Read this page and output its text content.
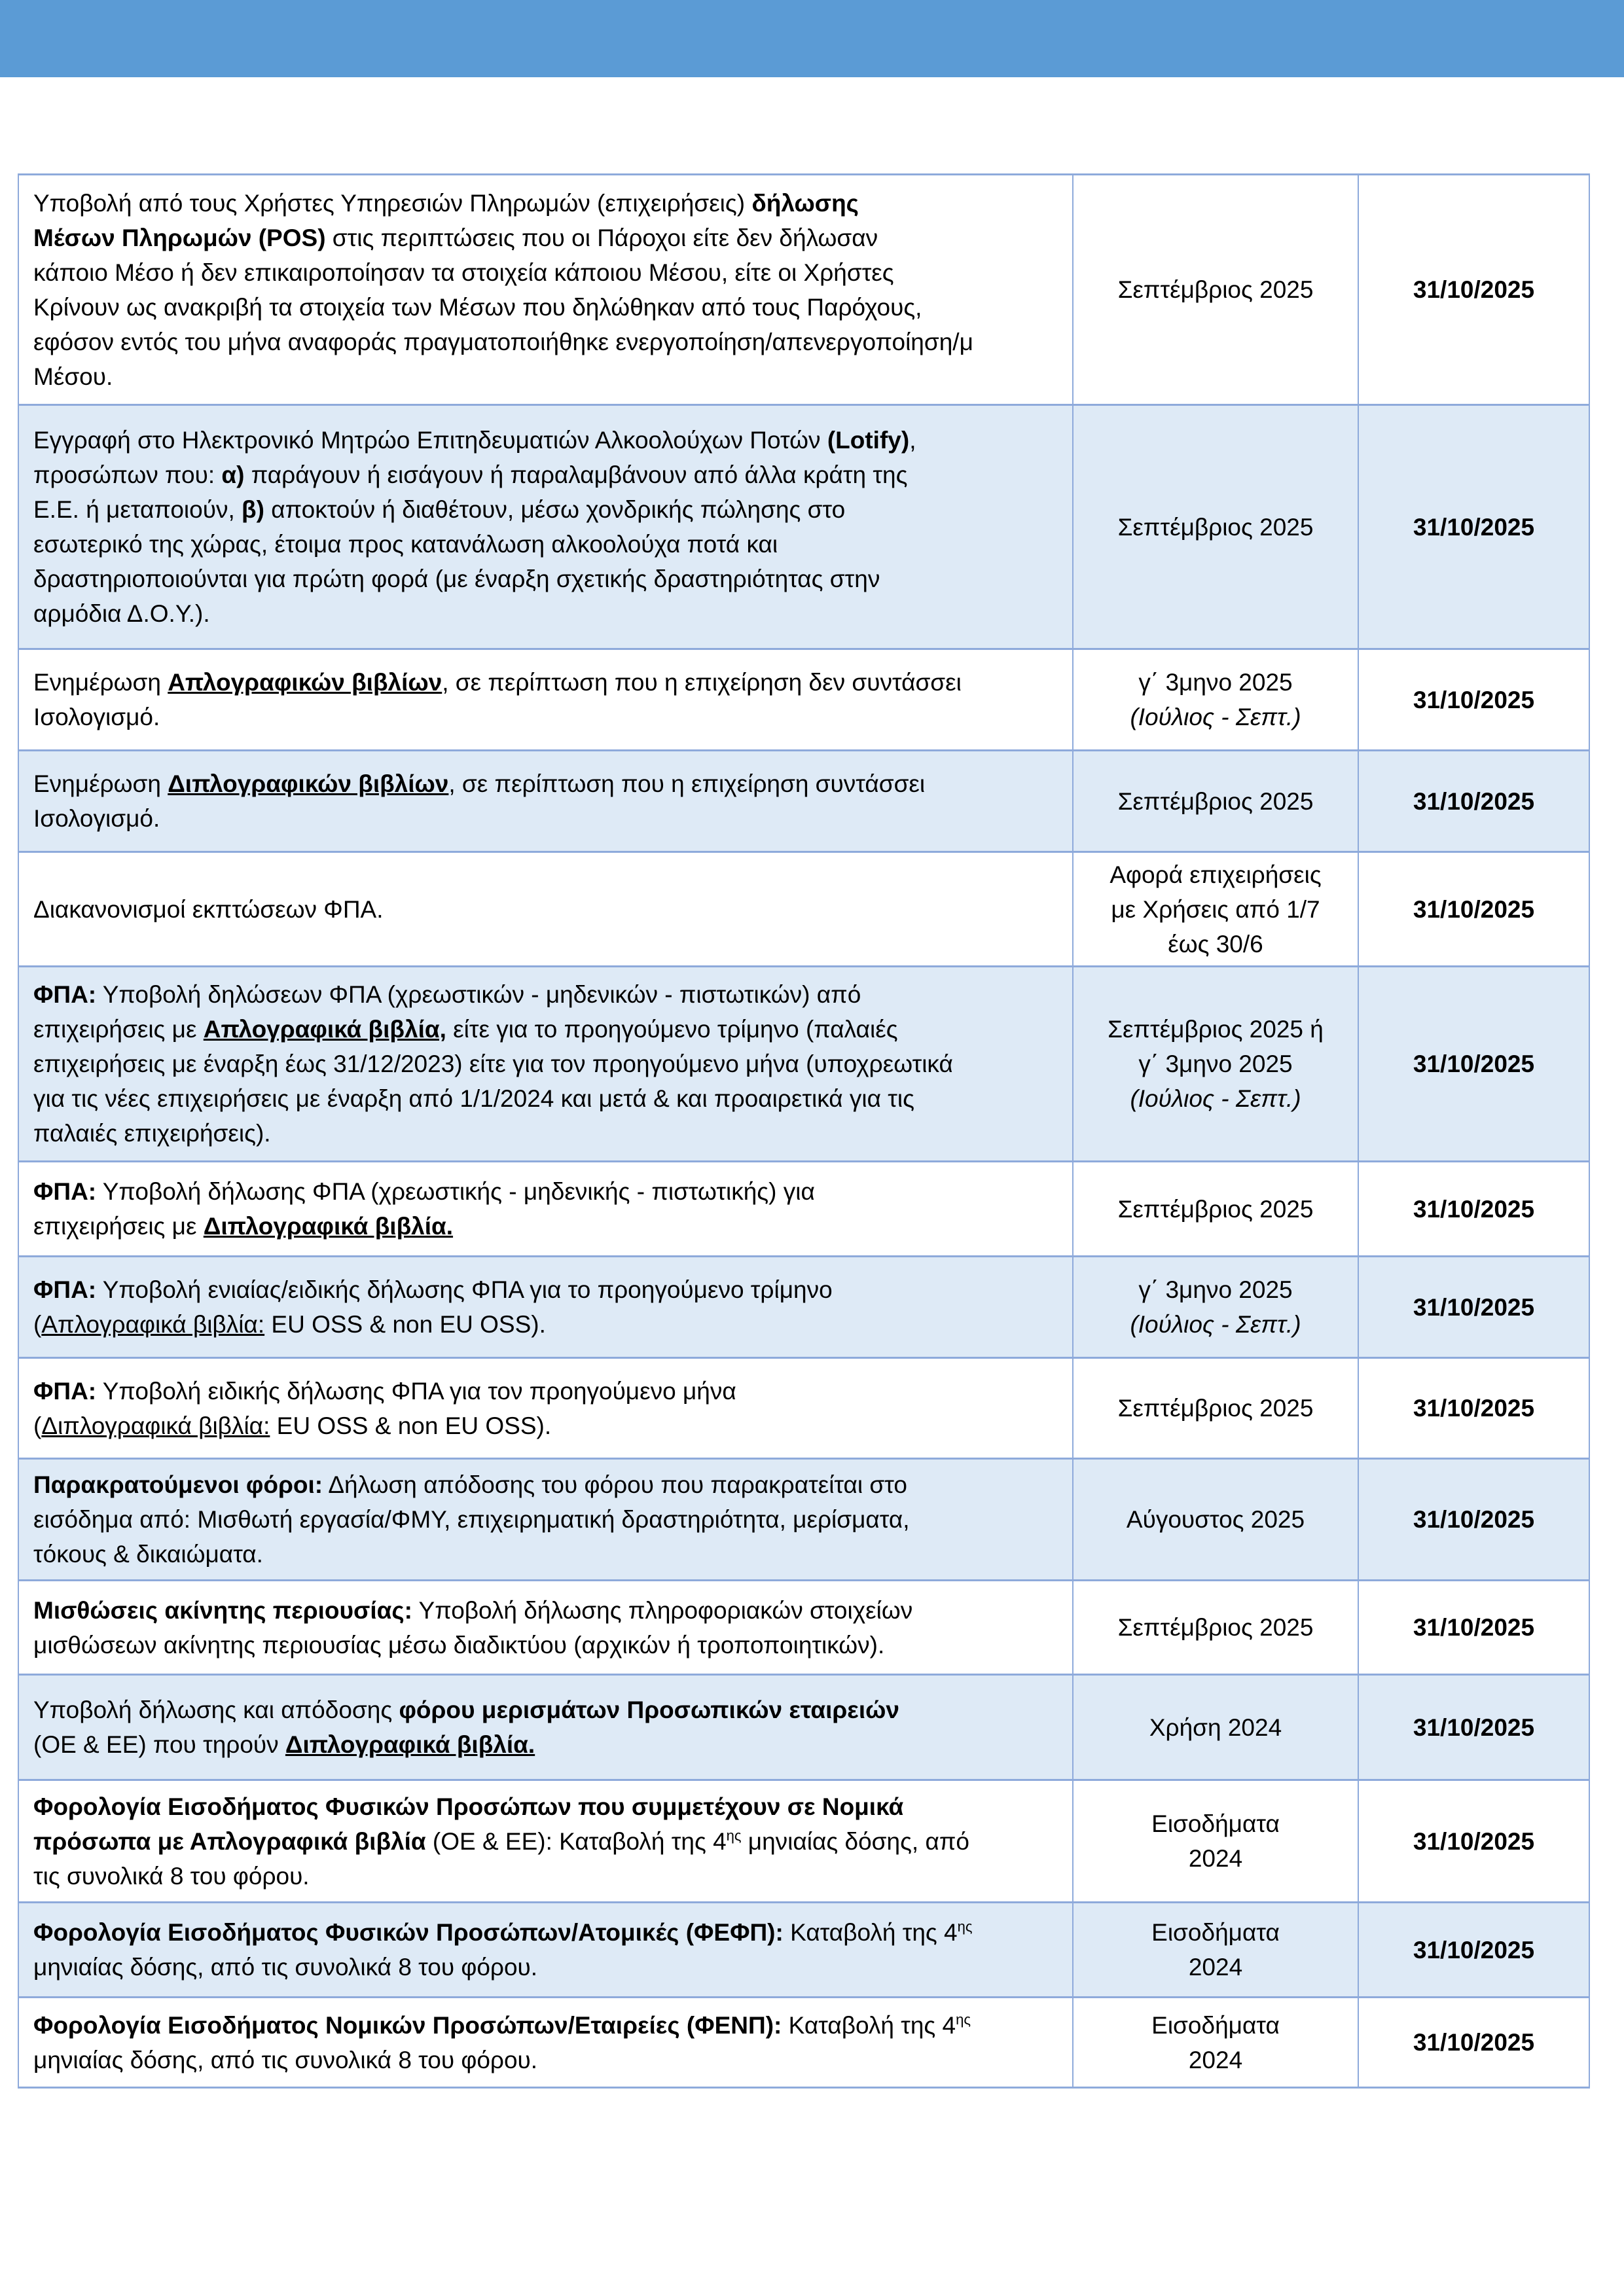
Υποβολή από τους Χρήστες Υπηρεσιών Πληρωμών (επιχειρήσεις) δήλωσης
Μέσων Πληρωμών (POS) στις περιπτώσεις που οι Πάροχοι είτε δεν δήλωσαν
κάποιο Μέσο ή δεν επικαιροποίησαν τα στοιχεία κάποιου Μέσου, είτε οι Χρήστες
Κρίνουν ως ανακριβή τα στοιχεία των Μέσων που δηλώθηκαν από τους Παρόχους,
εφόσον εντός του μήνα αναφοράς πραγματοποιήθηκε ενεργοποίηση/απενεργοποίηση/μ
Μέσου.

Σεπτέμβριος 2025	31/10/2025

Εγγραφή στο Ηλεκτρονικό Μητρώο Επιτηδευματιών Αλκοολούχων Ποτών (Lotify),
προσώπων που: α) παράγουν ή εισάγουν ή παραλαμβάνουν από άλλα κράτη της
Ε.Ε. ή μεταποιούν, β) αποκτούν ή διαθέτουν, μέσω χονδρικής πώλησης στο
εσωτερικό της χώρας, έτοιμα προς κατανάλωση αλκοολούχα ποτά και
δραστηριοποιούνται για πρώτη φορά (με έναρξη σχετικής δραστηριότητας στην
αρμόδια Δ.Ο.Υ.).

Σεπτέμβριος 2025	31/10/2025

Ενημέρωση Απλογραφικών βιβλίων, σε περίπτωση που η επιχείρηση δεν συντάσσει
Ισολογισμό.	γ΄ 3μηνο 2025
(Ιούλιος - Σεπτ.)	31/10/2025

Ενημέρωση Διπλογραφικών βιβλίων, σε περίπτωση που η επιχείρηση συντάσσει
Ισολογισμό.	Σεπτέμβριος 2025	31/10/2025

Διακανονισμοί εκπτώσεων ΦΠΑ.	Αφορά επιχειρήσεις
με Χρήσεις από 1/7
έως 30/6	31/10/2025

ΦΠΑ: Υποβολή δηλώσεων ΦΠΑ (χρεωστικών - μηδενικών - πιστωτικών) από
επιχειρήσεις με Απλογραφικά βιβλία, είτε για το προηγούμενο τρίμηνο (παλαιές
επιχειρήσεις με έναρξη έως 31/12/2023) είτε για τον προηγούμενο μήνα (υποχρεωτικά
για τις νέες επιχειρήσεις με έναρξη από 1/1/2024 και μετά & και προαιρετικά για τις
παλαιές επιχειρήσεις).

Σεπτέμβριος 2025 ή
γ΄ 3μηνο 2025
(Ιούλιος - Σεπτ.)
	31/10/2025

ΦΠΑ: Υποβολή δήλωσης ΦΠΑ (χρεωστικής - μηδενικής - πιστωτικής) για
επιχειρήσεις με Διπλογραφικά βιβλία.	Σεπτέμβριος 2025	31/10/2025

ΦΠΑ: Υποβολή ενιαίας/ειδικής δήλωσης ΦΠΑ για το προηγούμενο τρίμηνο
(Απλογραφικά βιβλία: EU OSS & non EU OSS).	γ΄ 3μηνο 2025
(Ιούλιος - Σεπτ.)	31/10/2025

ΦΠΑ: Υποβολή ειδικής δήλωσης ΦΠΑ για τον προηγούμενο μήνα
(Διπλογραφικά βιβλία: EU OSS & non EU OSS).	Σεπτέμβριος 2025	31/10/2025

Παρακρατούμενοι φόροι: Δήλωση απόδοσης του φόρου που παρακρατείται στο
εισόδημα από: Μισθωτή εργασία/ΦΜΥ, επιχειρηματική δραστηριότητα, μερίσματα,
τόκους & δικαιώματα.	Αύγουστος 2025	31/10/2025

Μισθώσεις ακίνητης περιουσίας: Υποβολή δήλωσης πληροφοριακών στοιχείων
μισθώσεων ακίνητης περιουσίας μέσω διαδικτύου (αρχικών ή τροποποιητικών).	Σεπτέμβριος 2025	31/10/2025

Υποβολή δήλωσης και απόδοσης φόρου μερισμάτων Προσωπικών εταιρειών
(ΟΕ & ΕΕ) που τηρούν Διπλογραφικά βιβλία.	Χρήση 2024	31/10/2025

Φορολογία Εισοδήματος Φυσικών Προσώπων που συμμετέχουν σε Νομικά
πρόσωπα με Απλογραφικά βιβλία (ΟΕ & ΕΕ): Καταβολή της $4^{\eta\varsigma}$ μηνιαίας δόσης, από
τις συνολικά 8 του φόρου.	Εισοδήματα
2024	31/10/2025

Φορολογία Εισοδήματος Φυσικών Προσώπων/Ατομικές (ΦΕΦΠ): Καταβολή της $4^{\eta\varsigma}$
μηνιαίας δόσης, από τις συνολικά 8 του φόρου.	Εισοδήματα
2024	31/10/2025

Φορολογία Εισοδήματος Νομικών Προσώπων/Εταιρείες (ΦΕΝΠ): Καταβολή της $4^{\eta\varsigma}$
μηνιαίας δόσης, από τις συνολικά 8 του φόρου.	Εισοδήματα
2024	31/10/2025
